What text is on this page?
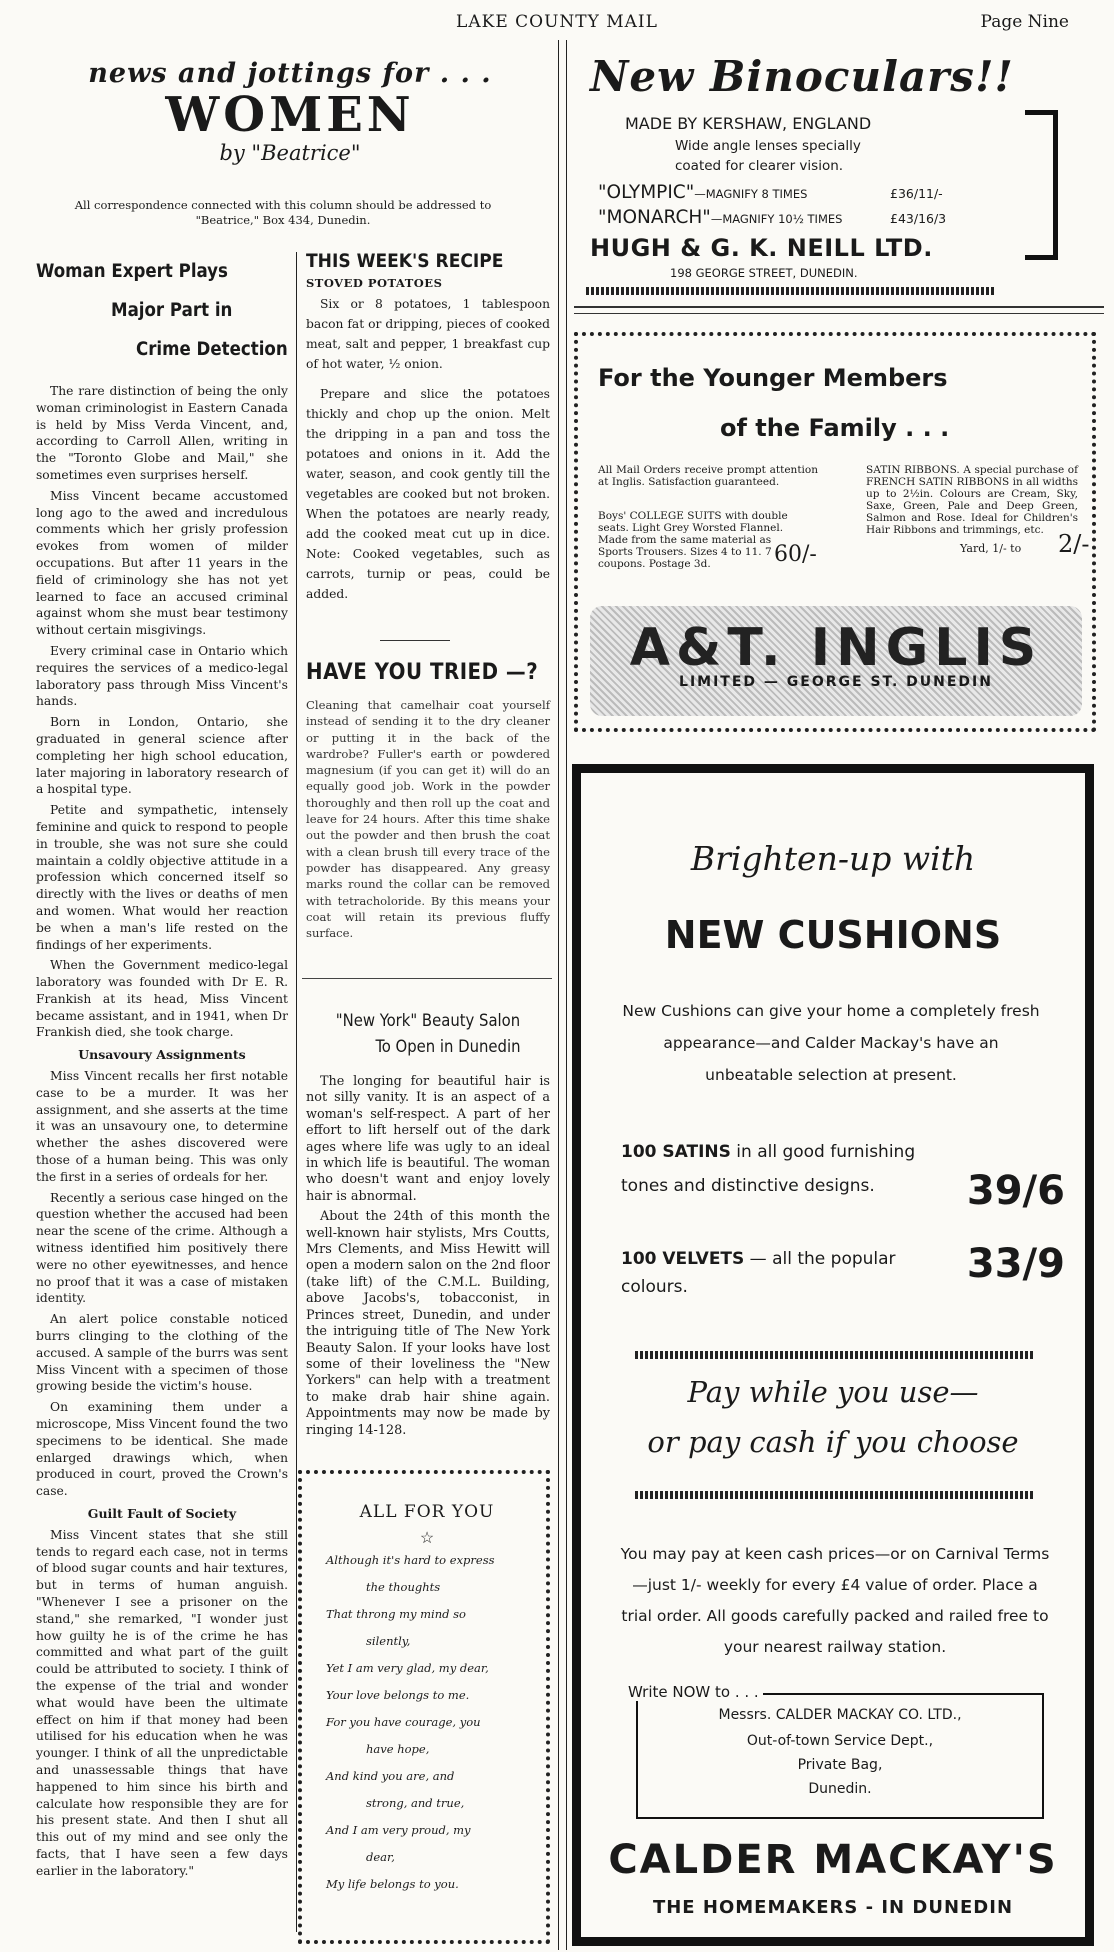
LAKE COUNTY MAIL	Page Nine
news and jottings for . . .
WOMEN
by "Beatrice"
All correspondence connected with this column should be addressed to "Beatrice," Box 434, Dunedin.
Woman Expert Plays
Major Part in
Crime Detection

The rare distinction of being the only woman criminologist in Eastern Canada is held by Miss Verda Vincent, and, according to Carroll Allen, writing in the "Toronto Globe and Mail," she sometimes even surprises herself.

Miss Vincent became accustomed long ago to the awed and incredulous comments which her grisly profession evokes from women of milder occupations. But after 11 years in the field of criminology she has not yet learned to face an accused criminal against whom she must bear testimony without certain misgivings.

Every criminal case in Ontario which requires the services of a medico-legal laboratory pass through Miss Vincent's hands.

Born in London, Ontario, she graduated in general science after completing her high school education, later majoring in laboratory research of a hospital type.

Petite and sympathetic, intensely feminine and quick to respond to people in trouble, she was not sure she could maintain a coldly objective attitude in a profession which concerned itself so directly with the lives or deaths of men and women. What would her reaction be when a man's life rested on the findings of her experiments.

When the Government medico-legal laboratory was founded with Dr E. R. Frankish at its head, Miss Vincent became assistant, and in 1941, when Dr Frankish died, she took charge.

Unsavoury Assignments

Miss Vincent recalls her first notable case to be a murder. It was her assignment, and she asserts at the time it was an unsavoury one, to determine whether the ashes discovered were those of a human being. This was only the first in a series of ordeals for her.

Recently a serious case hinged on the question whether the accused had been near the scene of the crime. Although a witness identified him positively there were no other eyewitnesses, and hence no proof that it was a case of mistaken identity.

An alert police constable noticed burrs clinging to the clothing of the accused. A sample of the burrs was sent Miss Vincent with a specimen of those growing beside the victim's house.

On examining them under a microscope, Miss Vincent found the two specimens to be identical. She made enlarged drawings which, when produced in court, proved the Crown's case.

Guilt Fault of Society

Miss Vincent states that she still tends to regard each case, not in terms of blood sugar counts and hair textures, but in terms of human anguish. "Whenever I see a prisoner on the stand," she remarked, "I wonder just how guilty he is of the crime he has committed and what part of the guilt could be attributed to society. I think of the expense of the trial and wonder what would have been the ultimate effect on him if that money had been utilised for his education when he was younger. I think of all the unpredictable and unassessable things that have happened to him since his birth and calculate how responsible they are for his present state. And then I shut all this out of my mind and see only the facts, that I have seen a few days earlier in the laboratory."

THIS WEEK'S RECIPE
STOVED POTATOES

Six or 8 potatoes, 1 tablespoon bacon fat or dripping, pieces of cooked meat, salt and pepper, 1 breakfast cup of hot water, ½ onion.

Prepare and slice the potatoes thickly and chop up the onion. Melt the dripping in a pan and toss the potatoes and onions in it. Add the water, season, and cook gently till the vegetables are cooked but not broken. When the potatoes are nearly ready, add the cooked meat cut up in dice. Note: Cooked vegetables, such as carrots, turnip or peas, could be added.

HAVE YOU TRIED —?
Cleaning that camelhair coat yourself instead of sending it to the dry cleaner or putting it in the back of the wardrobe? Fuller's earth or powdered magnesium (if you can get it) will do an equally good job. Work in the powder thoroughly and then roll up the coat and leave for 24 hours. After this time shake out the powder and then brush the coat with a clean brush till every trace of the powder has disappeared. Any greasy marks round the collar can be removed with tetracholoride. By this means your coat will retain its previous fluffy surface.
"New York" Beauty Salon
To Open in Dunedin

The longing for beautiful hair is not silly vanity. It is an aspect of a woman's self-respect. A part of her effort to lift herself out of the dark ages where life was ugly to an ideal in which life is beautiful. The woman who doesn't want and enjoy lovely hair is abnormal.

About the 24th of this month the well-known hair stylists, Mrs Coutts, Mrs Clements, and Miss Hewitt will open a modern salon on the 2nd floor (take lift) of the C.M.L. Building, above Jacobs's, tobacconist, in Princes street, Dunedin, and under the intriguing title of The New York Beauty Salon. If your looks have lost some of their loveliness the "New Yorkers" can help with a treatment to make drab hair shine again. Appointments may now be made by ringing 14-128.

ALL FOR YOU
☆

Although it's hard to express

the thoughts

That throng my mind so

silently,

Yet I am very glad, my dear,

Your love belongs to me.

For you have courage, you

have hope,

And kind you are, and

strong, and true,

And I am very proud, my

dear,

My life belongs to you.

New Binoculars!!
MADE BY KERSHAW, ENGLAND
Wide angle lenses specially
coated for clearer vision.
"OLYMPIC"—MAGNIFY 8 TIMES	£36/11/-
"MONARCH"—MAGNIFY 10½ TIMES	£43/16/3
HUGH & G. K. NEILL LTD.
198 GEORGE STREET, DUNEDIN.
For the Younger Members
of the Family . . .
All Mail Orders receive prompt attention at Inglis. Satisfaction guaranteed.
Boys' COLLEGE SUITS with double seats. Light Grey Worsted Flannel. Made from the same material as Sports Trousers. Sizes 4 to 11. 7 coupons. Postage 3d.	60/-
SATIN RIBBONS. A special purchase of FRENCH SATIN RIBBONS in all widths up to 2½in. Colours are Cream, Sky, Saxe, Green, Pale and Deep Green, Salmon and Rose. Ideal for Children's Hair Ribbons and trimmings, etc.
Yard, 1/- to 2/-
A&T. INGLIS
LIMITED — GEORGE ST. DUNEDIN
Brighten-up with
NEW CUSHIONS
New Cushions can give your home a completely fresh appearance—and Calder Mackay's have an unbeatable selection at present.
100 SATINS in all good furnishing tones and distinctive designs.	39/6
100 VELVETS — all the popular colours.	33/9
Pay while you use—
or pay cash if you choose
You may pay at keen cash prices—or on Carnival Terms—just 1/- weekly for every £4 value of order. Place a trial order. All goods carefully packed and railed free to your nearest railway station.
Write NOW to . . .
Messrs. CALDER MACKAY CO. LTD.,
Out-of-town Service Dept.,
Private Bag,
Dunedin.
CALDER MACKAY'S
THE HOMEMAKERS - IN DUNEDIN
